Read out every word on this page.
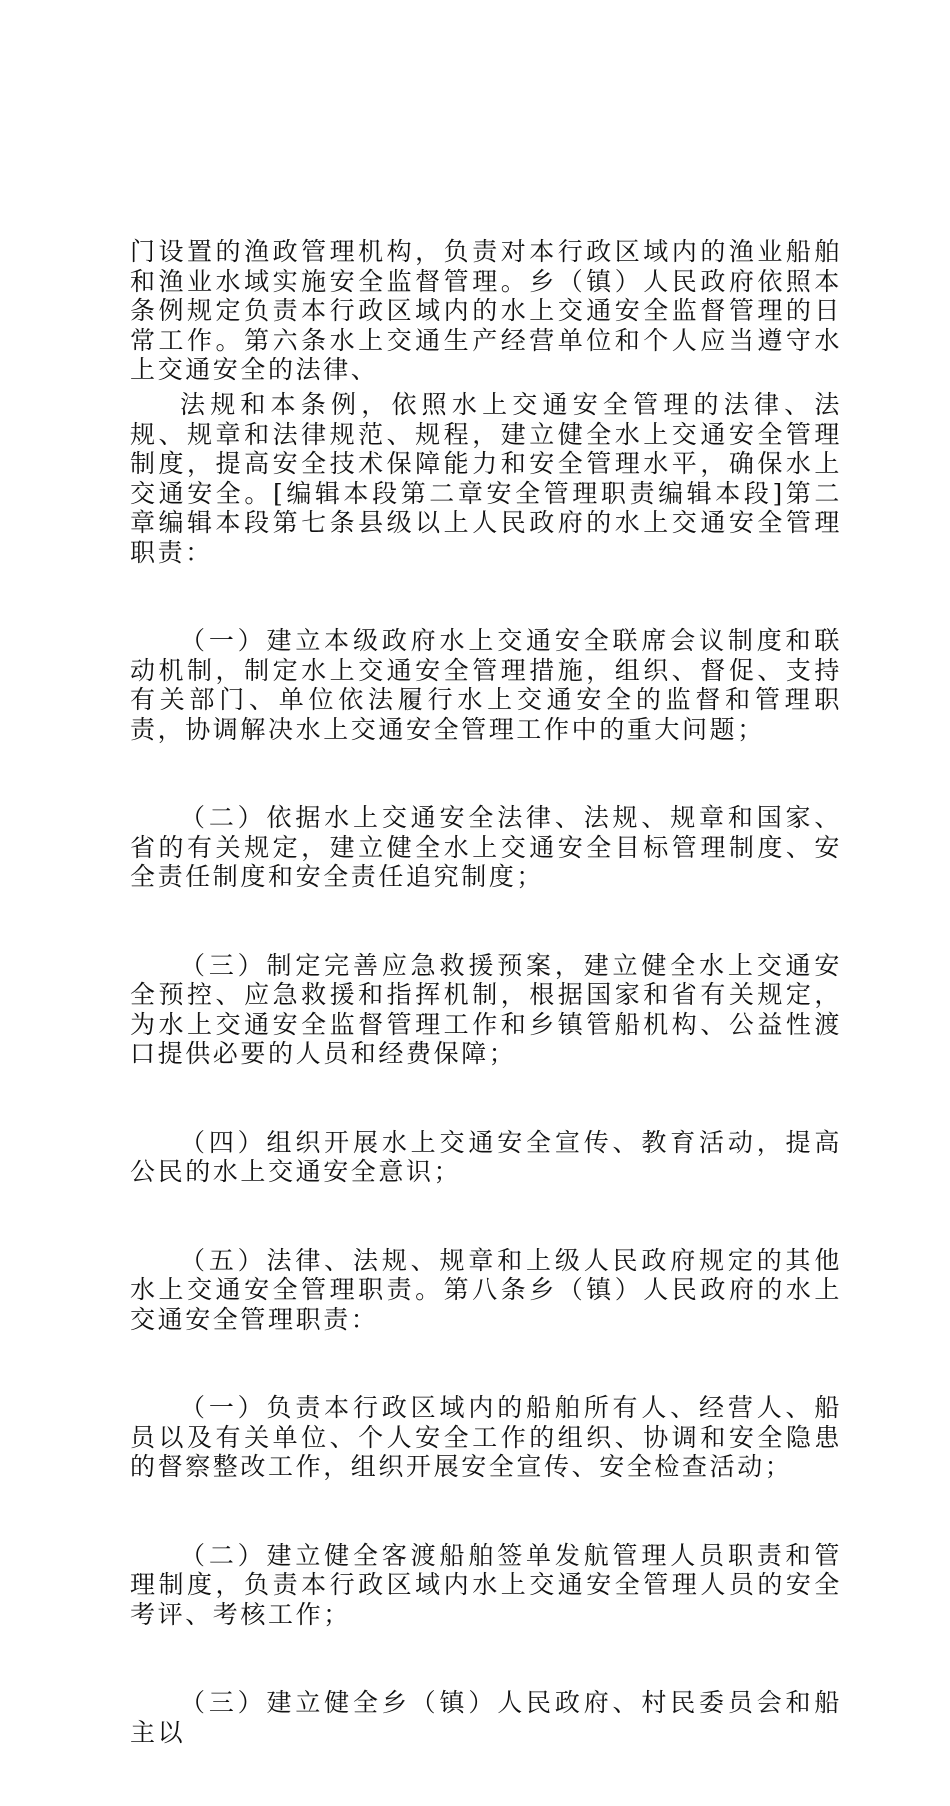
门设置的渔政管理机构，负责对本行政区域内的渔业船舶和渔业水域实施安全监督管理。乡（镇）人民政府依照本条例规定负责本行政区域内的水上交通安全监督管理的日常工作。第六条水上交通生产经营单位和个人应当遵守水上交通安全的法律、

法规和本条例，依照水上交通安全管理的法律、法规、规章和法律规范、规程，建立健全水上交通安全管理制度，提高安全技术保障能力和安全管理水平，确保水上交通安全。[编辑本段第二章安全管理职责编辑本段]第二章编辑本段第七条县级以上人民政府的水上交通安全管理职责：

（一）建立本级政府水上交通安全联席会议制度和联动机制，制定水上交通安全管理措施，组织、督促、支持有关部门、单位依法履行水上交通安全的监督和管理职责，协调解决水上交通安全管理工作中的重大问题；

（二）依据水上交通安全法律、法规、规章和国家、省的有关规定，建立健全水上交通安全目标管理制度、安全责任制度和安全责任追究制度；

（三）制定完善应急救援预案，建立健全水上交通安全预控、应急救援和指挥机制，根据国家和省有关规定，为水上交通安全监督管理工作和乡镇管船机构、公益性渡口提供必要的人员和经费保障；

（四）组织开展水上交通安全宣传、教育活动，提高公民的水上交通安全意识；

（五）法律、法规、规章和上级人民政府规定的其他水上交通安全管理职责。第八条乡（镇）人民政府的水上交通安全管理职责：

（一）负责本行政区域内的船舶所有人、经营人、船员以及有关单位、个人安全工作的组织、协调和安全隐患的督察整改工作，组织开展安全宣传、安全检查活动；

（二）建立健全客渡船舶签单发航管理人员职责和管理制度，负责本行政区域内水上交通安全管理人员的安全考评、考核工作；

（三）建立健全乡（镇）人民政府、村民委员会和船主以
